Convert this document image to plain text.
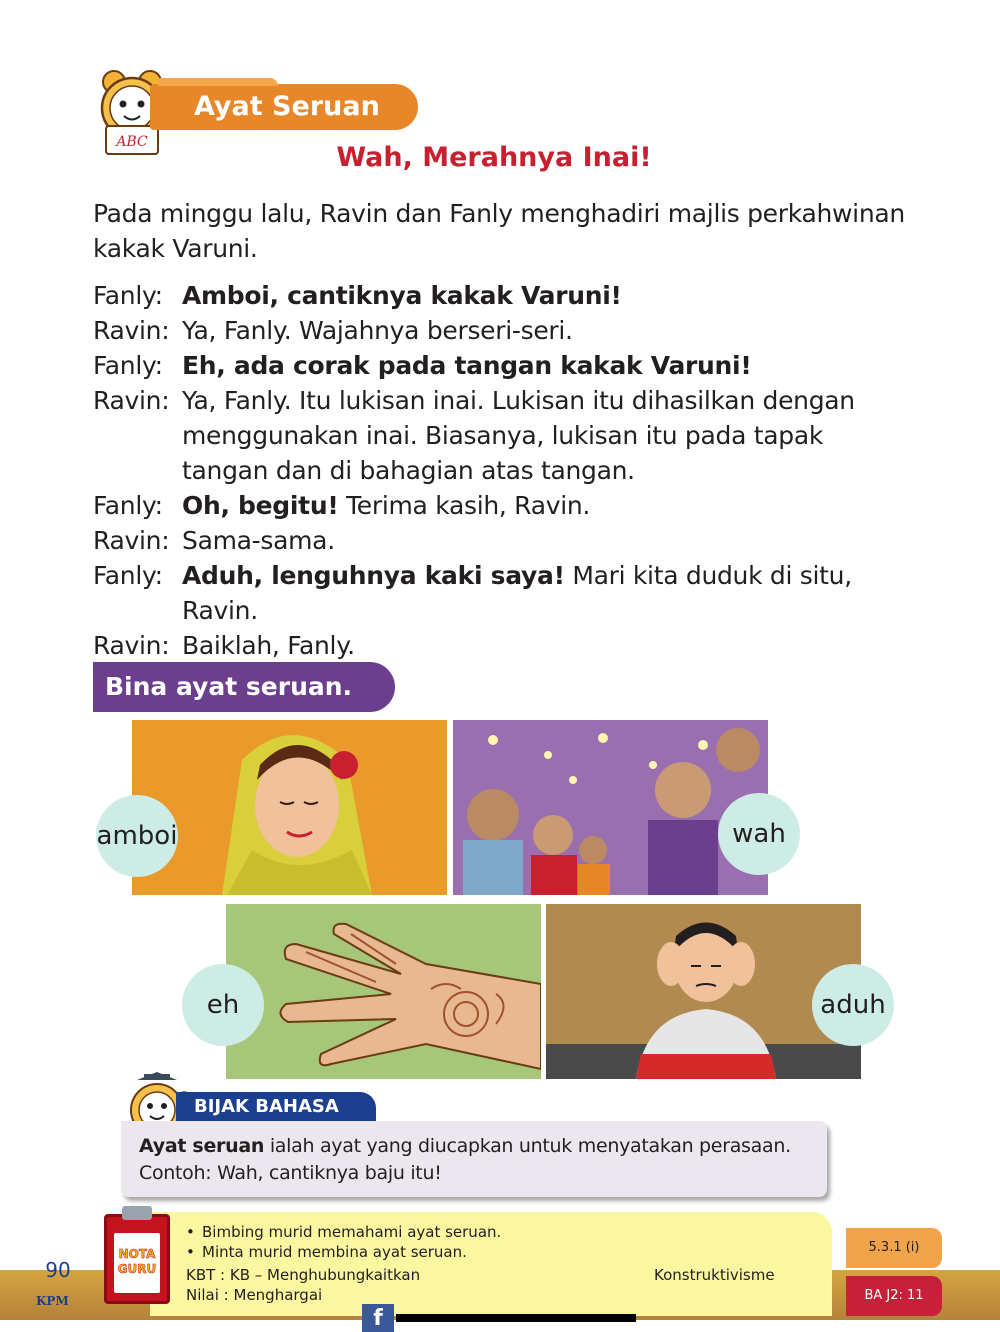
ABC
Ayat Seruan
Wah, Merahnya Inai!
Pada minggu lalu, Ravin dan Fanly menghadiri majlis perkahwinan kakak Varuni.
Fanly: Amboi, cantiknya kakak Varuni!
Ravin: Ya, Fanly. Wajahnya berseri-seri.
Fanly: Eh, ada corak pada tangan kakak Varuni!
Ravin: Ya, Fanly. Itu lukisan inai. Lukisan itu dihasilkan dengan menggunakan inai. Biasanya, lukisan itu pada tapak tangan dan di bahagian atas tangan.
Fanly: Oh, begitu! Terima kasih, Ravin.
Ravin: Sama-sama.
Fanly: Aduh, lenguhnya kaki saya! Mari kita duduk di situ, Ravin.
Ravin: Baiklah, Fanly.
Bina ayat seruan.
amboi	wah
eh	aduh
BIJAK BAHASA
Ayat seruan ialah ayat yang diucapkan untuk menyatakan perasaan.
Contoh: Wah, cantiknya baju itu!
• Bimbing murid memahami ayat seruan.
• Minta murid membina ayat seruan.
KBT : KB – Menghubungkaitkan
Nilai : Menghargai
Konstruktivisme
NOTA
GURU
5.3.1 (i)
BA J2: 11
90
KPM
f
